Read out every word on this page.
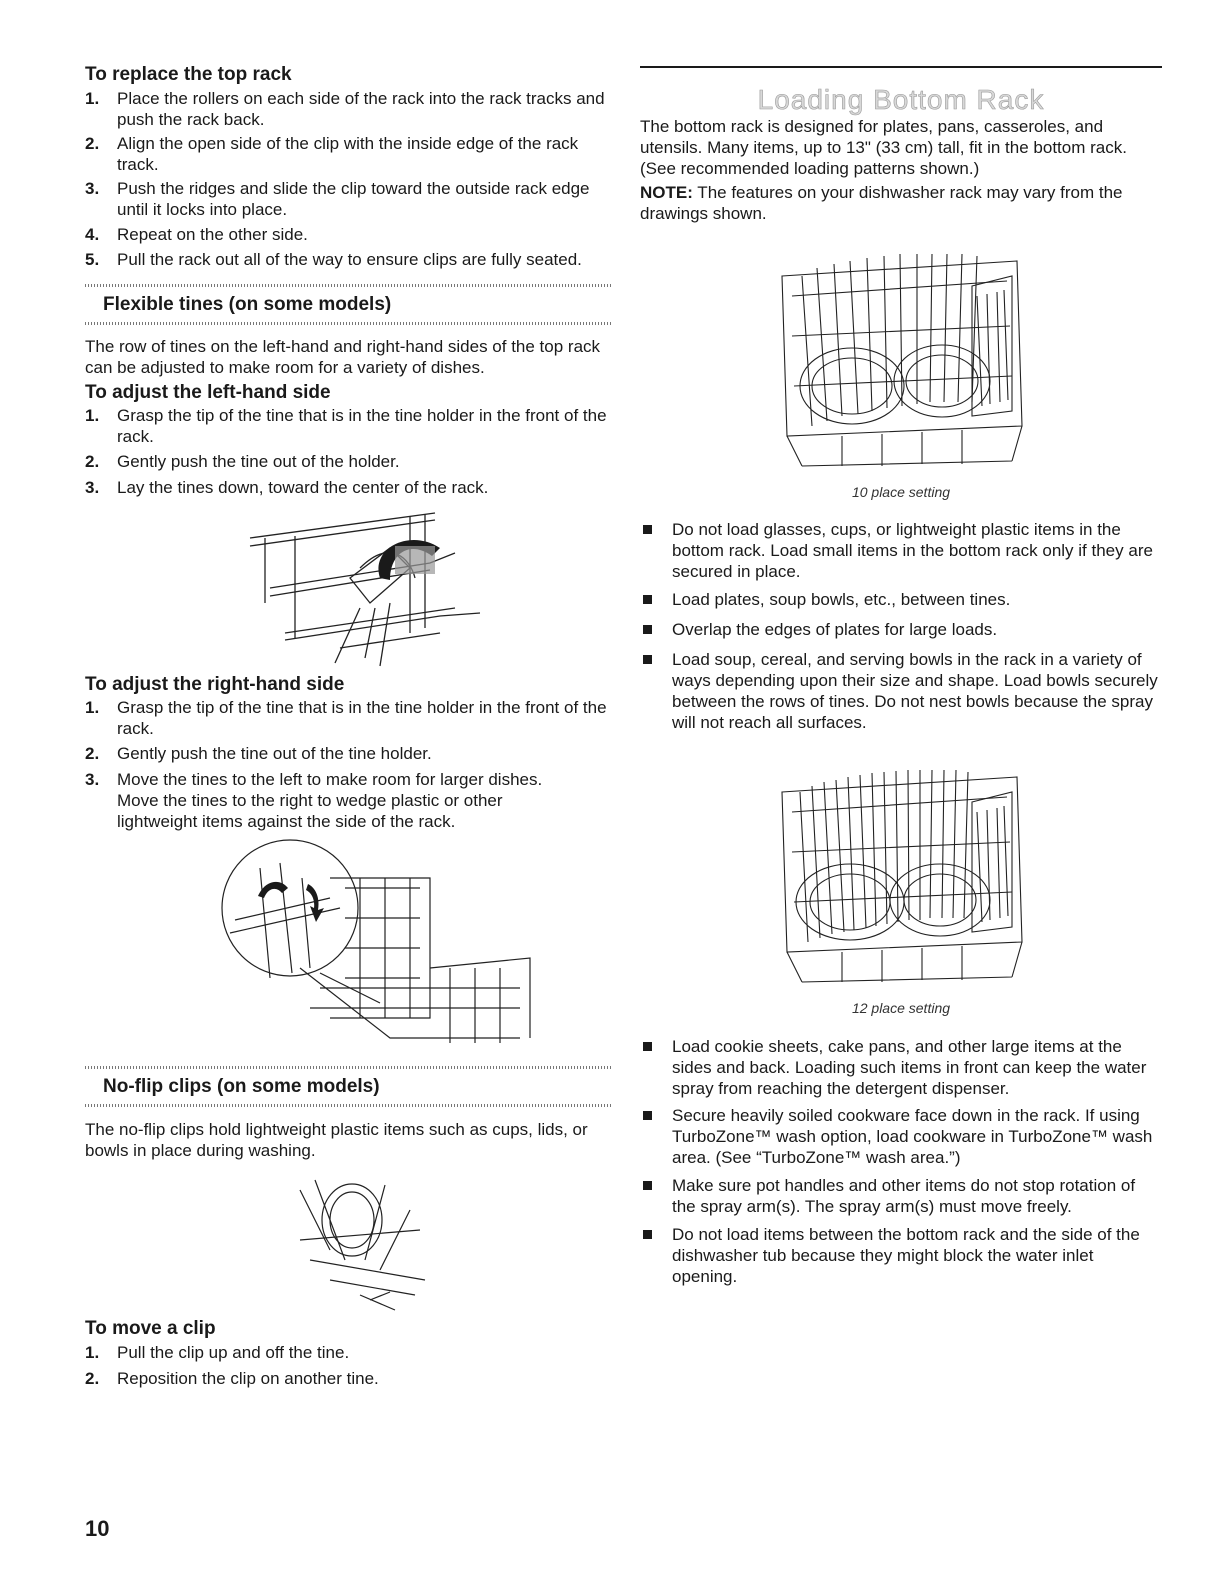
To replace the top rack
1. Place the rollers on each side of the rack into the rack tracks and push the rack back.
2. Align the open side of the clip with the inside edge of the rack track.
3. Push the ridges and slide the clip toward the outside rack edge until it locks into place.
4. Repeat on the other side.
5. Pull the rack out all of the way to ensure clips are fully seated.
Flexible tines (on some models)
The row of tines on the left-hand and right-hand sides of the top rack can be adjusted to make room for a variety of dishes.
To adjust the left-hand side
1. Grasp the tip of the tine that is in the tine holder in the front of the rack.
2. Gently push the tine out of the holder.
3. Lay the tines down, toward the center of the rack.
To adjust the right-hand side
1. Grasp the tip of the tine that is in the tine holder in the front of the rack.
2. Gently push the tine out of the tine holder.
3. Move the tines to the left to make room for larger dishes. Move the tines to the right to wedge plastic or other lightweight items against the side of the rack.
No-flip clips (on some models)
The no-flip clips hold lightweight plastic items such as cups, lids, or bowls in place during washing.
To move a clip
1. Pull the clip up and off the tine.
2. Reposition the clip on another tine.
Loading Bottom Rack
The bottom rack is designed for plates, pans, casseroles, and utensils. Many items, up to 13" (33 cm) tall, fit in the bottom rack. (See recommended loading patterns shown.)
NOTE: The features on your dishwasher rack may vary from the drawings shown.
10 place setting
Do not load glasses, cups, or lightweight plastic items in the bottom rack. Load small items in the bottom rack only if they are secured in place.
Load plates, soup bowls, etc., between tines.
Overlap the edges of plates for large loads.
Load soup, cereal, and serving bowls in the rack in a variety of ways depending upon their size and shape. Load bowls securely between the rows of tines. Do not nest bowls because the spray will not reach all surfaces.
12 place setting
Load cookie sheets, cake pans, and other large items at the sides and back. Loading such items in front can keep the water spray from reaching the detergent dispenser.
Secure heavily soiled cookware face down in the rack. If using TurboZone™ wash option, load cookware in TurboZone™ wash area. (See “TurboZone™ wash area.”)
Make sure pot handles and other items do not stop rotation of the spray arm(s). The spray arm(s) must move freely.
Do not load items between the bottom rack and the side of the dishwasher tub because they might block the water inlet opening.
10
